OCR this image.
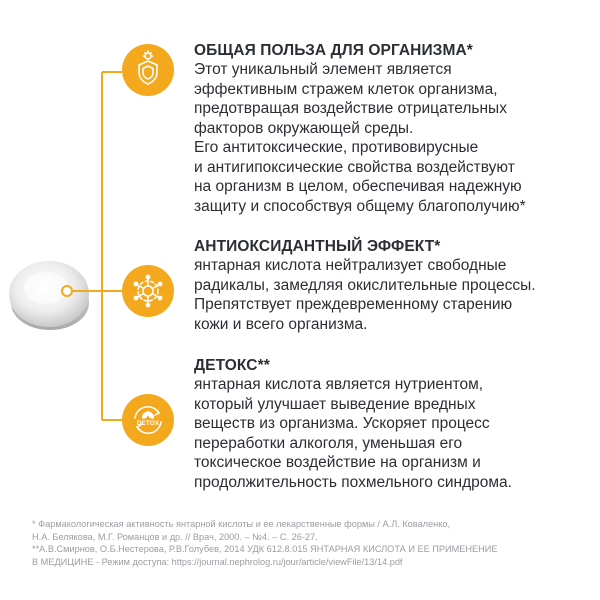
DETOX
ОБЩАЯ ПОЛЬЗА ДЛЯ ОРГАНИЗМА*
Этот уникальный элемент является
эффективным стражем клеток организма,
предотвращая воздействие отрицательных
факторов окружающей среды.
Его антитоксические, противовирусные
и антигипоксические свойства воздействуют
на организм в целом, обеспечивая надежную
защиту и способствуя общему благополучию*
АНТИОКСИДАНТНЫЙ ЭФФЕКТ*
янтарная кислота нейтрализует свободные
радикалы, замедляя окислительные процессы.
Препятствует преждевременному старению
кожи и всего организма.
ДЕТОКС**
янтарная кислота является нутриентом,
который улучшает выведение вредных
веществ из организма. Ускоряет процесс
переработки алкоголя, уменьшая его
токсическое воздействие на организм и
продолжительность похмельного синдрома.
* Фармакологическая активность янтарной кислоты и ее лекарственные формы / А.Л. Коваленко,
Н.А. Белякова, М.Г. Романцов и др. // Врач, 2000. – №4. – С. 26-27.
**А.В.Смирнов, О.Б.Нестерова, Р.В.Голубев, 2014 УДК 612.8.015 ЯНТАРНАЯ КИСЛОТА И ЕЕ ПРИМЕНЕНИЕ
В МЕДИЦИНЕ - Режим доступа: https://journal.nephrolog.ru/jour/article/viewFile/13/14.pdf
